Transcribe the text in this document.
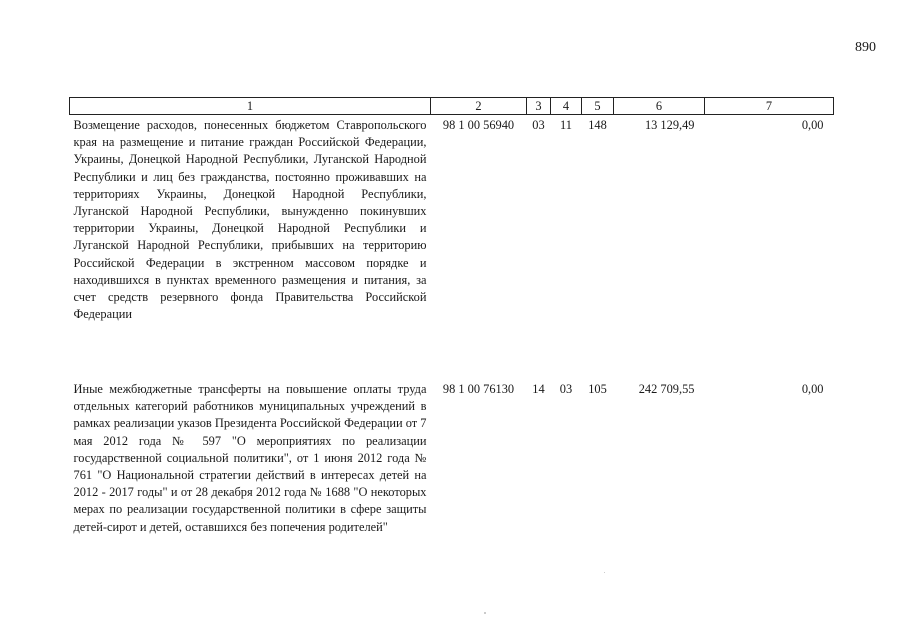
890
1	2	3	4	5	6	7
Возмещение расходов, понесенных бюджетом Ставропольского края на размещение и питание граждан Российской Федерации, Украины, Донецкой Народной Республики, Луганской Народной Республики и лиц без гражданства, постоянно проживавших на территориях Украины, Донецкой Народной Республики, Луганской Народной Республики, вынужденно покинувших территории Украины, Донецкой Народной Республики и Луганской Народной Республики, прибывших на территорию Российской Федерации в экстренном массовом порядке и находившихся в пунктах временного размещения и питания, за счет средств резервного фонда Правительства Российской Федерации	98 1 00 56940	03	11	148	13 129,49	0,00
Иные межбюджетные трансферты на повышение оплаты труда отдельных категорий работников муниципальных учреждений в рамках реализации указов Президента Российской Федерации от 7 мая 2012 года № 597 "О мероприятиях по реализации государственной социальной политики", от 1 июня 2012 года № 761 "О Национальной стратегии действий в интересах детей на 2012 - 2017 годы" и от 28 декабря 2012 года № 1688 "О некоторых мерах по реализации государственной политики в сфере защиты детей-сирот и детей, оставшихся без попечения родителей"	98 1 00 76130	14	03	105	242 709,55	0,00
